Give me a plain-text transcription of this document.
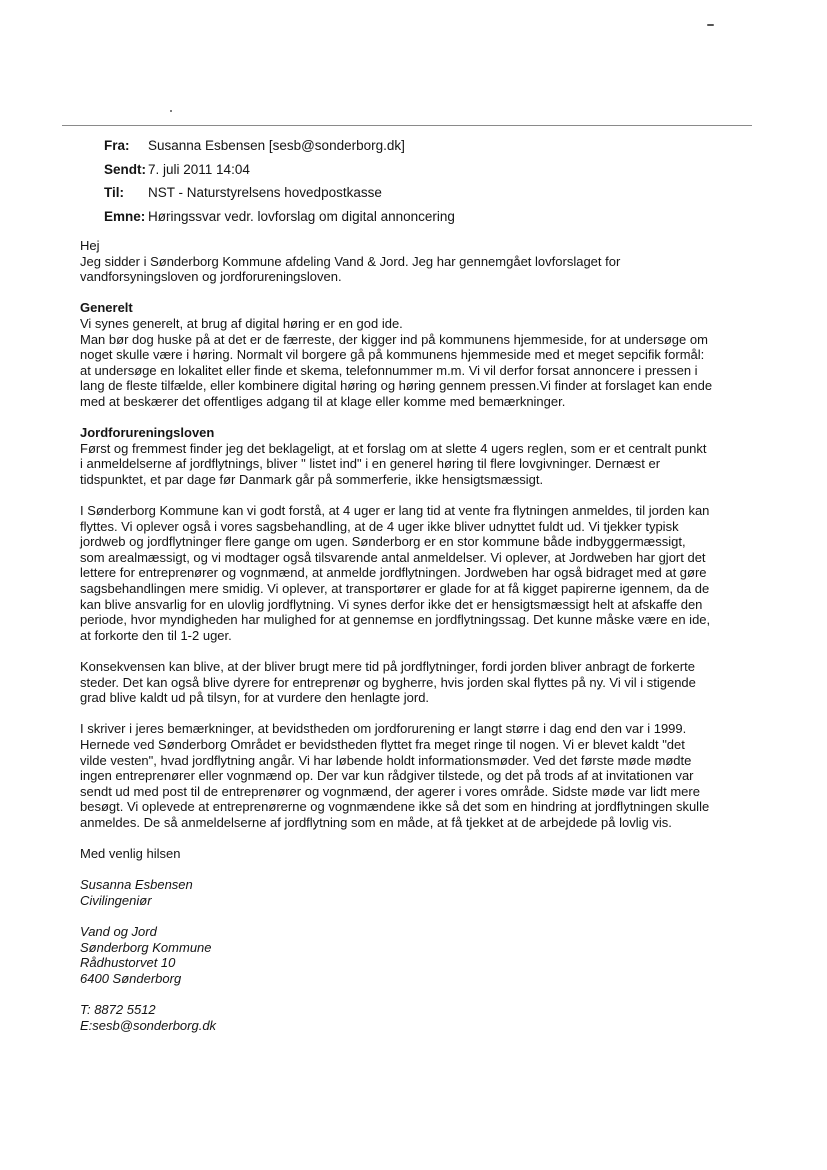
Fra: Susanna Esbensen [sesb@sonderborg.dk]
Sendt: 7. juli 2011 14:04
Til: NST - Naturstyrelsens hovedpostkasse
Emne: Høringssvar vedr. lovforslag om digital annoncering

Hej

Jeg sidder i Sønderborg Kommune afdeling Vand & Jord. Jeg har gennemgået lovforslaget for
vandforsyningsloven og jordforureningsloven.

Generelt

Vi synes generelt, at brug af digital høring er en god ide.
Man bør dog huske på at det er de færreste, der kigger ind på kommunens hjemmeside, for at undersøge om
noget skulle være i høring. Normalt vil borgere gå på kommunens hjemmeside med et meget sepcifik formål:
at undersøge en lokalitet eller finde et skema, telefonnummer m.m. Vi vil derfor forsat annoncere i pressen i
lang de fleste tilfælde, eller kombinere digital høring og høring gennem pressen.Vi finder at forslaget kan ende
med at beskærer det offentliges adgang til at klage eller komme med bemærkninger.

Jordforureningsloven

Først og fremmest finder jeg det beklageligt, at et forslag om at slette 4 ugers reglen, som er et centralt punkt
i anmeldelserne af jordflytnings, bliver " listet ind" i en generel høring til flere lovgivninger. Dernæst er
tidspunktet, et par dage før Danmark går på sommerferie, ikke hensigtsmæssigt.
I Sønderborg Kommune kan vi godt forstå, at 4 uger er lang tid at vente fra flytningen anmeldes, til jorden kan
flyttes. Vi oplever også i vores sagsbehandling, at de 4 uger ikke bliver udnyttet fuldt ud. Vi tjekker typisk
jordweb og jordflytninger flere gange om ugen. Sønderborg er en stor kommune både indbyggermæssigt,
som arealmæssigt, og vi modtager også tilsvarende antal anmeldelser. Vi oplever, at Jordweben har gjort det
lettere for entreprenører og vognmænd, at anmelde jordflytningen. Jordweben har også bidraget med at gøre
sagsbehandlingen mere smidig. Vi oplever, at transportører er glade for at få kigget papirerne igennem, da de
kan blive ansvarlig for en ulovlig jordflytning. Vi synes derfor ikke det er hensigtsmæssigt helt at afskaffe den
periode, hvor myndigheden har mulighed for at gennemse en jordflytningssag. Det kunne måske være en ide,
at forkorte den til 1-2 uger.
Konsekvensen kan blive, at der bliver brugt mere tid på jordflytninger, fordi jorden bliver anbragt de forkerte
steder. Det kan også blive dyrere for entreprenør og bygherre, hvis jorden skal flyttes på ny. Vi vil i stigende
grad blive kaldt ud på tilsyn, for at vurdere den henlagte jord.
I skriver i jeres bemærkninger, at bevidstheden om jordforurening er langt større i dag end den var i 1999.
Hernede ved Sønderborg Området er bevidstheden flyttet fra meget ringe til nogen. Vi er blevet kaldt "det
vilde vesten", hvad jordflytning angår. Vi har løbende holdt informationsmøder. Ved det første møde mødte
ingen entreprenører eller vognmænd op. Der var kun rådgiver tilstede, og det på trods af at invitationen var
sendt ud med post til de entreprenører og vognmænd, der agerer i vores område. Sidste møde var lidt mere
besøgt. Vi oplevede at entreprenørerne og vognmændene ikke så det som en hindring at jordflytningen skulle
anmeldes. De så anmeldelserne af jordflytning som en måde, at få tjekket at de arbejdede på lovlig vis.

Med venlig hilsen

Susanna Esbensen
Civilingeniør
Vand og Jord
Sønderborg Kommune
Rådhustorvet 10
6400 Sønderborg
T: 8872 5512
E:sesb@sonderborg.dk
